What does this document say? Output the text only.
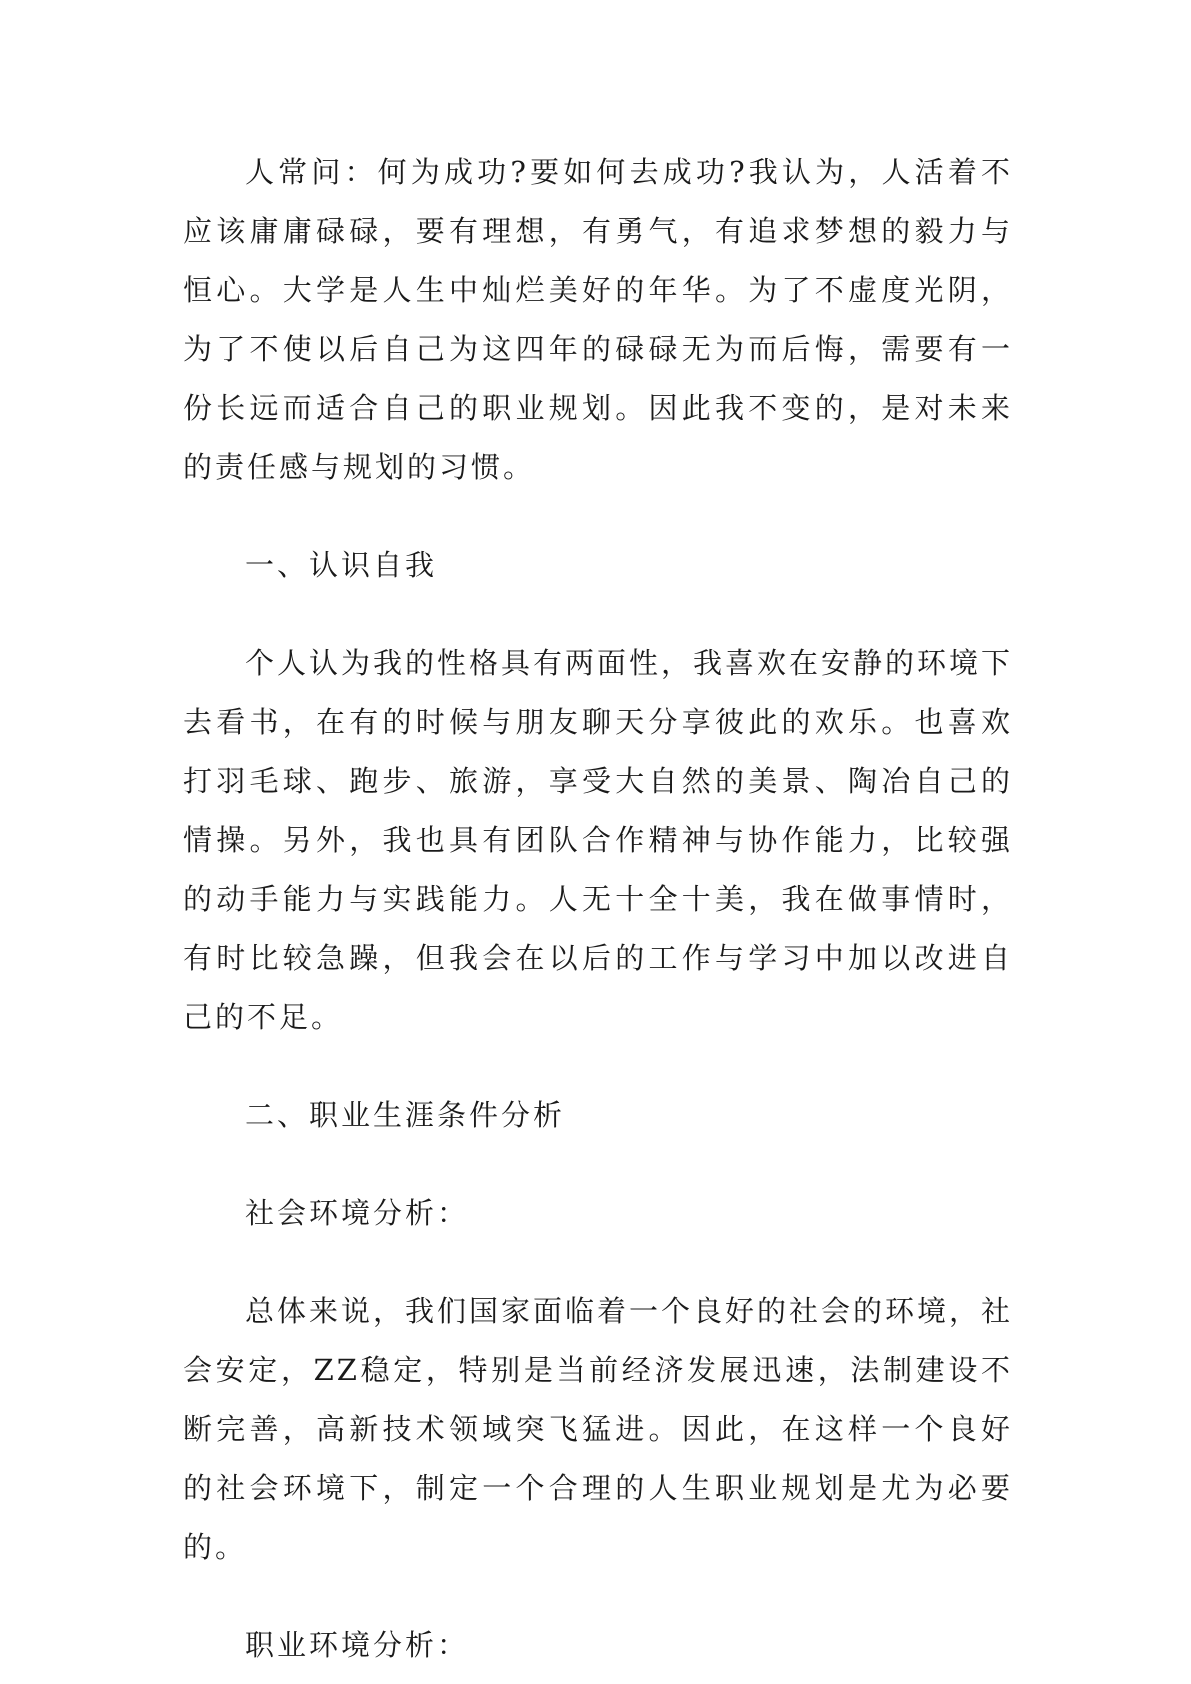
人常问：何为成功?要如何去成功?我认为，人活着不应该庸庸碌碌，要有理想，有勇气，有追求梦想的毅力与恒心。大学是人生中灿烂美好的年华。为了不虚度光阴，为了不使以后自己为这四年的碌碌无为而后悔，需要有一份长远而适合自己的职业规划。因此我不变的，是对未来的责任感与规划的习惯。

一、认识自我

个人认为我的性格具有两面性，我喜欢在安静的环境下去看书，在有的时候与朋友聊天分享彼此的欢乐。也喜欢打羽毛球、跑步、旅游，享受大自然的美景、陶冶自己的情操。另外，我也具有团队合作精神与协作能力，比较强的动手能力与实践能力。人无十全十美，我在做事情时，有时比较急躁，但我会在以后的工作与学习中加以改进自己的不足。

二、职业生涯条件分析

社会环境分析：

总体来说，我们国家面临着一个良好的社会的环境，社会安定，ZZ稳定，特别是当前经济发展迅速，法制建设不断完善，高新技术领域突飞猛进。因此，在这样一个良好的社会环境下，制定一个合理的人生职业规划是尤为必要的。

职业环境分析：
